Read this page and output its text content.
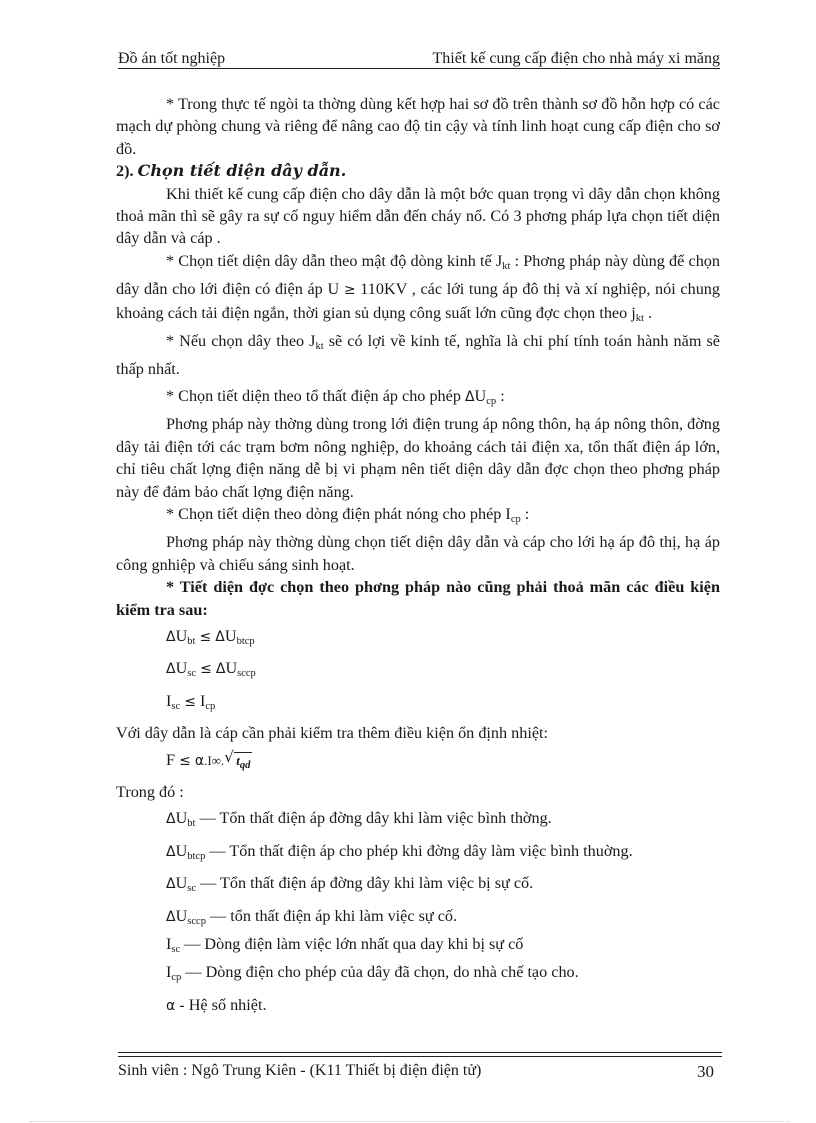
Đồ án tốt nghiệp	Thiết kế cung cấp điện cho nhà máy xi măng

* Trong thực tế ngòi ta thờng dùng kết hợp hai sơ đồ trên thành sơ đồ hỗn hợp có các mạch dự phòng chung và riêng để nâng cao độ tin cậy và tính linh hoạt cung cấp điện cho sơ đồ.

2). Chọn tiết diện dây dẫn.

Khi thiết kế cung cấp điện cho dây dẫn là một bớc quan trọng vì dây dẫn chọn không thoả mãn thì sẽ gây ra sự cố nguy hiểm dẫn đến cháy nổ. Có 3 phơng pháp lựa chọn tiết diện dây dẫn và cáp .

* Chọn tiết diện dây dẫn theo mật độ dòng kinh tế $J_{kt}$ : Phơng pháp này dùng để chọn dây dẫn cho lới điện có điện áp U ≥ 110KV , các lới tung áp đô thị và xí nghiệp, nói chung khoảng cách tải điện ngắn, thời gian sủ dụng công suất lớn cũng đợc chọn theo $j_{kt}$ .

* Nếu chọn dây theo $J_{kt}$ sẽ có lợi về kinh tế, nghĩa là chi phí tính toán hành năm sẽ thấp nhất.

* Chọn tiết diện theo tổ thất điện áp cho phép $\Delta U_{cp}$ :

Phơng pháp này thờng dùng trong lới điện trung áp nông thôn, hạ áp nông thôn, đờng dây tải điện tới các trạm bơm nông nghiệp, do khoảng cách tải điện xa, tổn thất điện áp lớn, chỉ tiêu chất lợng điện năng dễ bị vi phạm nên tiết diện dây dẫn đợc chọn theo phơng pháp này để đảm bảo chất lợng điện năng.

* Chọn tiết diện theo dòng điện phát nóng cho phép $I_{cp}$ :

Phơng pháp này thờng dùng chọn tiết diện dây dẫn và cáp cho lới hạ áp đô thị, hạ áp công gnhiệp và chiếu sáng sinh hoạt.

* Tiết diện đợc chọn theo phơng pháp nào cũng phải thoả mãn các điều kiện kiểm tra sau:

$\Delta U_{bt} \le \Delta U_{btcp}$

$\Delta U_{sc} \le \Delta U_{sccp}$

$I_{sc} \le I_{cp}$

Với dây dẫn là cáp cần phải kiểm tra thêm điều kiện ổn định nhiệt:

F ≤ α.I∞. √ $t_{qd}$

Trong đó :

$\Delta U_{bt}$ — Tổn thất điện áp đờng dây khi làm việc bình thờng.

$\Delta U_{btcp}$ — Tổn thất điện áp cho phép khi đờng dây làm việc bình thuờng.

$\Delta U_{sc}$ — Tổn thất điện áp đờng dây khi làm việc bị sự cố.

$\Delta U_{sccp}$ — tổn thất điện áp khi làm việc sự cố.

$I_{sc}$ — Dòng điện làm việc lớn nhất qua day khi bị sự cố

$I_{cp}$ — Dòng điện cho phép của dây đã chọn, do nhà chế tạo cho.

α - Hệ số nhiệt.

Sinh viên : Ngô Trung Kiên - (K11 Thiết bị điện điện tử)	30
